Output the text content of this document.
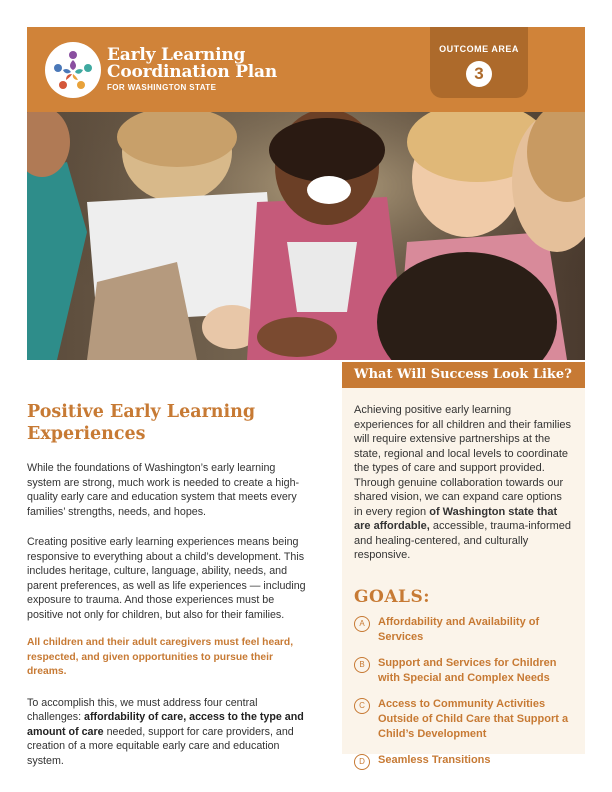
Early Learning
Coordination Plan
FOR WASHINGTON STATE
OUTCOME AREA
3
What Will Success Look Like?

Achieving positive early learning experiences for all children and their families will require extensive partnerships at the state, regional and local levels to coordinate the types of care and support provided. Through genuine collaboration towards our shared vision, we can expand care options in every region of Washington state that are affordable, accessible, trauma-informed and healing-centered, and culturally responsive.

GOALS:
A	Affordability and Availability of Services
B	Support and Services for Children with Special and Complex Needs
C	Access to Community Activities Outside of Child Care that Support a Child’s Development
D	Seamless Transitions
Positive Early Learning
Experiences

While the foundations of Washington’s early learning system are strong, much work is needed to create a high-quality early care and education system that meets every families’ strengths, needs, and hopes.

Creating positive early learning experiences means being responsive to everything about a child’s development. This includes heritage, culture, language, ability, needs, and parent preferences, as well as life experiences — including exposure to trauma. And those experiences must be positive not only for children, but also for their families.

All children and their adult caregivers must feel heard, respected, and given opportunities to pursue their dreams.

To accomplish this, we must address four central challenges: affordability of care, access to the type and amount of care needed, support for care providers, and creation of a more equitable early care and education system.
